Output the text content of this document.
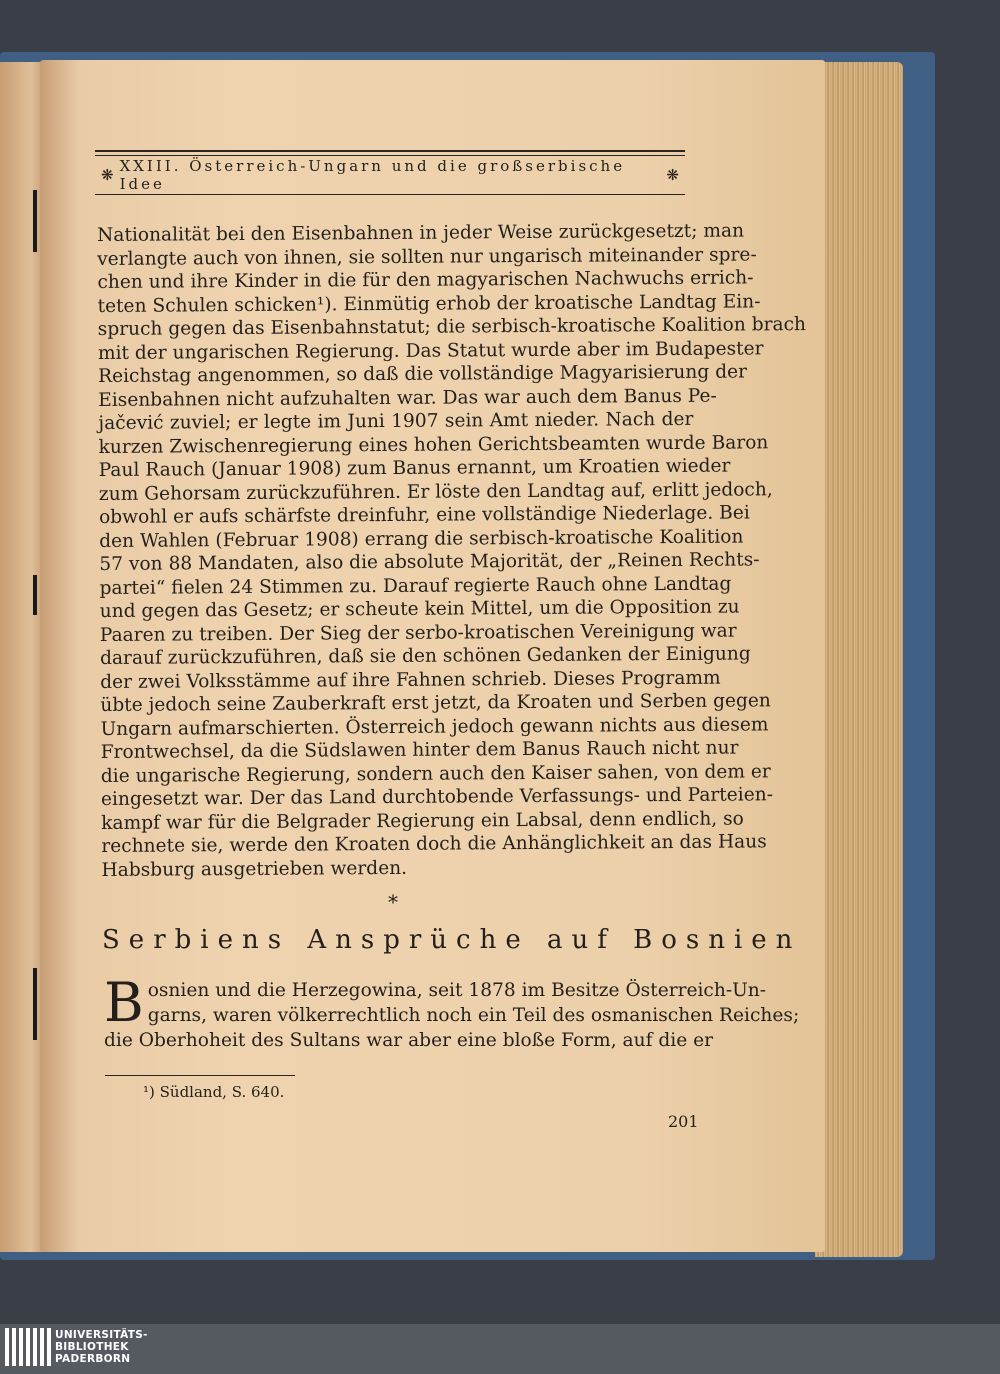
❋ XXIII. Österreich-Ungarn und die großserbische Idee	❋
Nationalität bei den Eisenbahnen in jeder Weise zurückgesetzt; man
verlangte auch von ihnen, sie sollten nur ungarisch miteinander spre-
chen und ihre Kinder in die für den magyarischen Nachwuchs errich-
teten Schulen schicken¹). Einmütig erhob der kroatische Landtag Ein-
spruch gegen das Eisenbahnstatut; die serbisch-kroatische Koalition brach
mit der ungarischen Regierung. Das Statut wurde aber im Budapester
Reichstag angenommen, so daß die vollständige Magyarisierung der
Eisenbahnen nicht aufzuhalten war. Das war auch dem Banus Pe-
jačević zuviel; er legte im Juni 1907 sein Amt nieder. Nach der
kurzen Zwischenregierung eines hohen Gerichtsbeamten wurde Baron
Paul Rauch (Januar 1908) zum Banus ernannt, um Kroatien wieder
zum Gehorsam zurückzuführen. Er löste den Landtag auf, erlitt jedoch,
obwohl er aufs schärfste dreinfuhr, eine vollständige Niederlage. Bei
den Wahlen (Februar 1908) errang die serbisch-kroatische Koalition
57 von 88 Mandaten, also die absolute Majorität, der „Reinen Rechts-
partei“ fielen 24 Stimmen zu. Darauf regierte Rauch ohne Landtag
und gegen das Gesetz; er scheute kein Mittel, um die Opposition zu
Paaren zu treiben. Der Sieg der serbo-kroatischen Vereinigung war
darauf zurückzuführen, daß sie den schönen Gedanken der Einigung
der zwei Volksstämme auf ihre Fahnen schrieb. Dieses Programm
übte jedoch seine Zauberkraft erst jetzt, da Kroaten und Serben gegen
Ungarn aufmarschierten. Österreich jedoch gewann nichts aus diesem
Frontwechsel, da die Südslawen hinter dem Banus Rauch nicht nur
die ungarische Regierung, sondern auch den Kaiser sahen, von dem er
eingesetzt war. Der das Land durchtobende Verfassungs- und Parteien-
kampf war für die Belgrader Regierung ein Labsal, denn endlich, so
rechnete sie, werde den Kroaten doch die Anhänglichkeit an das Haus
Habsburg ausgetrieben werden.
*
Serbiens Ansprüche auf Bosnien
B osnien und die Herzegowina, seit 1878 im Besitze Österreich-Un-
garns, waren völkerrechtlich noch ein Teil des osmanischen Reiches;
die Oberhoheit des Sultans war aber eine bloße Form, auf die er
¹) Südland, S. 640.
201
UNIVERSITÄTS-
BIBLIOTHEK
PADERBORN
